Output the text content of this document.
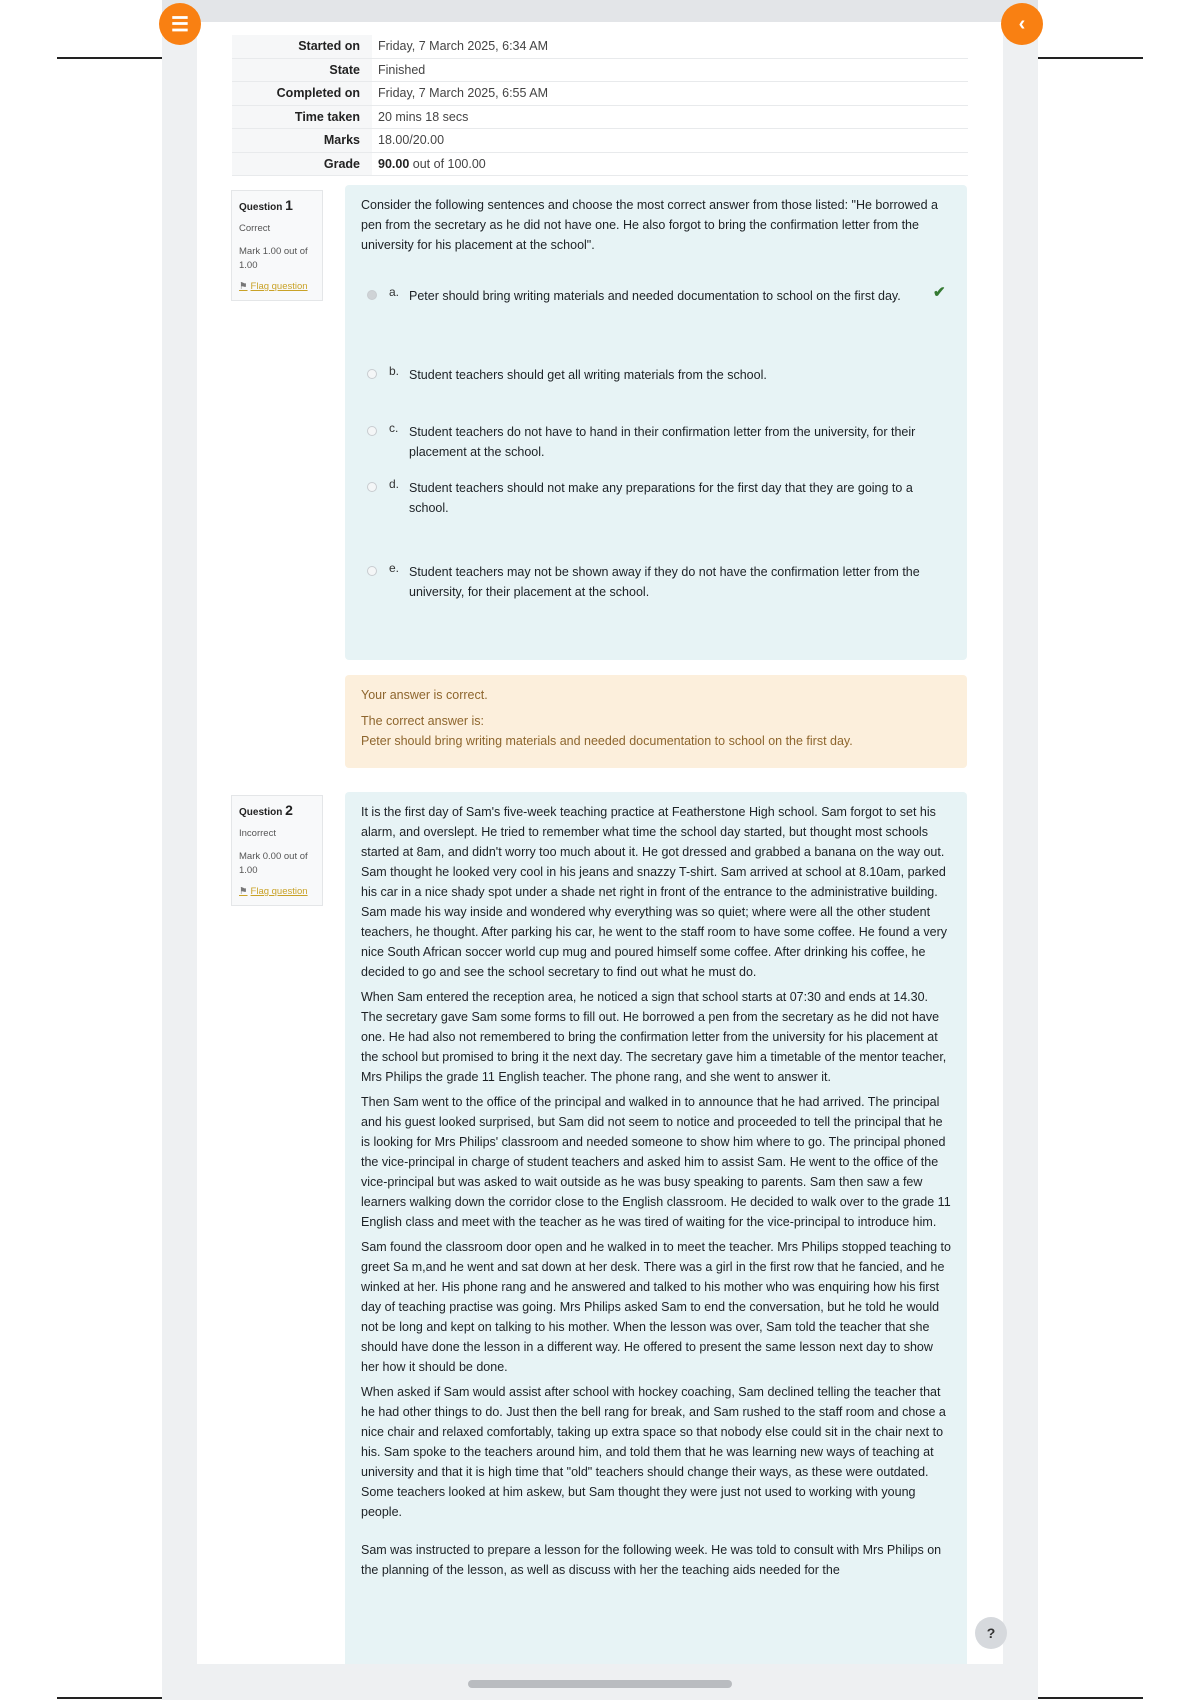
☰	‹
Started on	Friday, 7 March 2025, 6:34 AM
State	Finished
Completed on	Friday, 7 March 2025, 6:55 AM
Time taken	20 mins 18 secs
Marks	18.00/20.00
Grade	90.00 out of 100.00
Question 1
Correct
Mark 1.00 out of 1.00
⚑ Flag question
Consider the following sentences and choose the most correct answer from those listed: "He borrowed a pen from the secretary as he did not have one. He also forgot to bring the confirmation letter from the university for his placement at the school".
a. Peter should bring writing materials and needed documentation to school on the first day.	✔
b. Student teachers should get all writing materials from the school.
c. Student teachers do not have to hand in their confirmation letter from the university, for their placement at the school.
d. Student teachers should not make any preparations for the first day that they are going to a school.
e. Student teachers may not be shown away if they do not have the confirmation letter from the university, for their placement at the school.
Your answer is correct.
The correct answer is:
Peter should bring writing materials and needed documentation to school on the first day.
Question 2
Incorrect
Mark 0.00 out of 1.00
⚑ Flag question

It is the first day of Sam's five-week teaching practice at Featherstone High school. Sam forgot to set his alarm, and overslept. He tried to remember what time the school day started, but thought most schools started at 8am, and didn't worry too much about it. He got dressed and grabbed a banana on the way out. Sam thought he looked very cool in his jeans and snazzy T-shirt. Sam arrived at school at 8.10am, parked his car in a nice shady spot under a shade net right in front of the entrance to the administrative building. Sam made his way inside and wondered why everything was so quiet; where were all the other student teachers, he thought. After parking his car, he went to the staff room to have some coffee. He found a very nice South African soccer world cup mug and poured himself some coffee. After drinking his coffee, he decided to go and see the school secretary to find out what he must do.

When Sam entered the reception area, he noticed a sign that school starts at 07:30 and ends at 14.30. The secretary gave Sam some forms to fill out. He borrowed a pen from the secretary as he did not have one. He had also not remembered to bring the confirmation letter from the university for his placement at the school but promised to bring it the next day. The secretary gave him a timetable of the mentor teacher, Mrs Philips the grade 11 English teacher. The phone rang, and she went to answer it.

Then Sam went to the office of the principal and walked in to announce that he had arrived. The principal and his guest looked surprised, but Sam did not seem to notice and proceeded to tell the principal that he is looking for Mrs Philips' classroom and needed someone to show him where to go. The principal phoned the vice-principal in charge of student teachers and asked him to assist Sam. He went to the office of the vice-principal but was asked to wait outside as he was busy speaking to parents. Sam then saw a few learners walking down the corridor close to the English classroom. He decided to walk over to the grade 11 English class and meet with the teacher as he was tired of waiting for the vice-principal to introduce him.

Sam found the classroom door open and he walked in to meet the teacher. Mrs Philips stopped teaching to greet Sa m,and he went and sat down at her desk. There was a girl in the first row that he fancied, and he winked at her. His phone rang and he answered and talked to his mother who was enquiring how his first day of teaching practise was going. Mrs Philips asked Sam to end the conversation, but he told he would not be long and kept on talking to his mother. When the lesson was over, Sam told the teacher that she should have done the lesson in a different way. He offered to present the same lesson next day to show her how it should be done.

When asked if Sam would assist after school with hockey coaching, Sam declined telling the teacher that he had other things to do. Just then the bell rang for break, and Sam rushed to the staff room and chose a nice chair and relaxed comfortably, taking up extra space so that nobody else could sit in the chair next to his. Sam spoke to the teachers around him, and told them that he was learning new ways of teaching at university and that it is high time that "old" teachers should change their ways, as these were outdated. Some teachers looked at him askew, but Sam thought they were just not used to working with young people.

Sam was instructed to prepare a lesson for the following week. He was told to consult with Mrs Philips on the planning of the lesson, as well as discuss with her the teaching aids needed for the

?
